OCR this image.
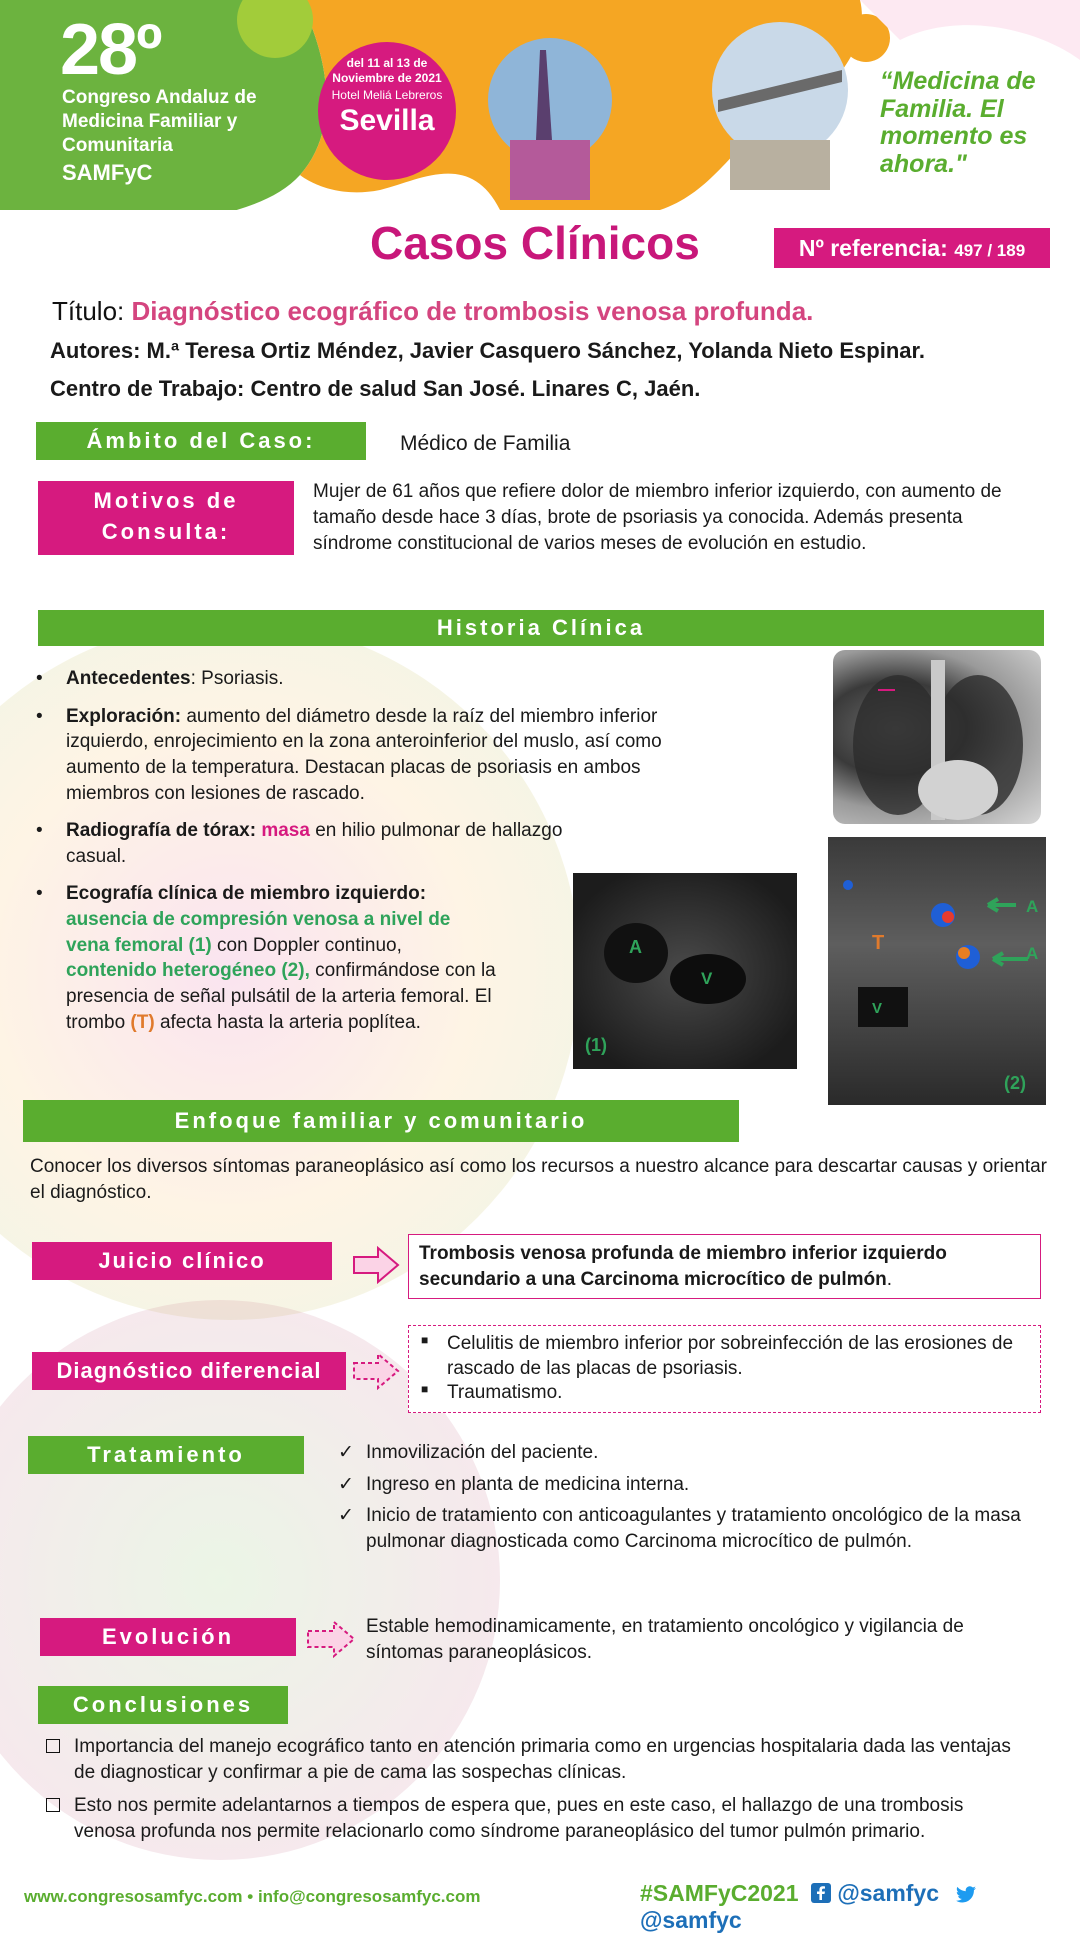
28º
Congreso Andaluz de Medicina Familiar y Comunitaria
SAMFyC
del 11 al 13 de Noviembre de 2021
Hotel Meliá Lebreros
Sevilla
“Medicina de Familia. El momento es ahora."
Casos Clínicos	Nº referencia: 497 / 189
Título: Diagnóstico ecográfico de trombosis venosa profunda.
Autores: M.ª Teresa Ortiz Méndez, Javier Casquero Sánchez, Yolanda Nieto Espinar.
Centro de Trabajo: Centro de salud San José. Linares C, Jaén.
Ámbito del Caso:	Médico de Familia
Motivos de
Consulta:
Mujer de 61 años que refiere dolor de miembro inferior izquierdo, con aumento de tamaño desde hace 3 días, brote de psoriasis ya conocida. Además presenta síndrome constitucional de varios meses de evolución en estudio.
Historia Clínica
• Antecedentes: Psoriasis.
• Exploración: aumento del diámetro desde la raíz del miembro inferior izquierdo, enrojecimiento en la zona anteroinferior del muslo, así como aumento de la temperatura. Destacan placas de psoriasis en ambos miembros con lesiones de rascado.
• Radiografía de tórax: masa en hilio pulmonar de hallazgo casual.
• Ecografía clínica de miembro izquierdo: ausencia de compresión venosa a nivel de vena femoral (1) con Doppler continuo, contenido heterogéneo (2), confirmándose con la presencia de señal pulsátil de la arteria femoral. El trombo (T) afecta hasta la arteria poplítea.
A
V
(1)
A
A
T
V
(2)
Enfoque familiar y comunitario
Conocer los diversos síntomas paraneoplásico así como los recursos a nuestro alcance para descartar causas y orientar el diagnóstico.
Juicio clínico	Trombosis venosa profunda de miembro inferior izquierdo secundario a una Carcinoma microcítico de pulmón.
Diagnóstico diferencial
■ Celulitis de miembro inferior por sobreinfección de las erosiones de rascado de las placas de psoriasis.
■ Traumatismo.
Tratamiento
✓	Inmovilización del paciente.
✓ Ingreso en planta de medicina interna.
✓ Inicio de tratamiento con anticoagulantes y tratamiento oncológico de la masa pulmonar diagnosticada como Carcinoma microcítico de pulmón.
Evolución	Estable hemodinamicamente, en tratamiento oncológico y vigilancia de síntomas paraneoplásicos.
Conclusiones
Importancia del manejo ecográfico tanto en atención primaria como en urgencias hospitalaria dada las ventajas de diagnosticar y confirmar a pie de cama las sospechas clínicas.
Esto nos permite adelantarnos a tiempos de espera que, pues en este caso, el hallazgo de una trombosis venosa profunda nos permite relacionarlo como síndrome paraneoplásico del tumor pulmón primario.
www.congresosamfyc.com • info@congresosamfyc.com	#SAMFyC2021 @samfyc  @samfyc
